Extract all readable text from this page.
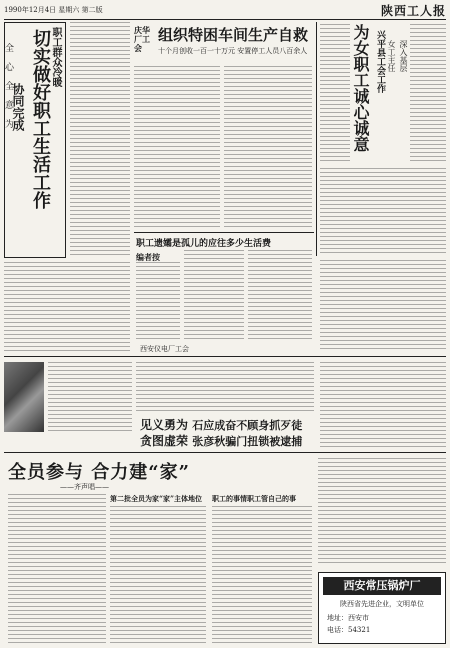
1990年12月4日 星期六 第二版	陕西工人报
职工群众冷暖
切实做好职工生活工作
协同完成
全 心 全 意 为
庆华厂工会
组织特困车间生产自救
十个月创收一百一十万元 安置停工人员八百余人	为女职工诚心诚意 兴平县工会工作 女工主任 深入基层
职工遗孀是孤儿的应往多少生活费
编者按
西安仪电厂工会
见义勇为 石应成奋不顾身抓歹徒
贪图虚荣 张彦秋骗门扭锁被逮捕
全员参与 合力建“家”
——齐声唱——
第二批全员为家“家”主体地位 职工的事情职工管自己的事
西安常压锅炉厂
陕西省先进企业，文明单位
地址：西安市
电话：54321
